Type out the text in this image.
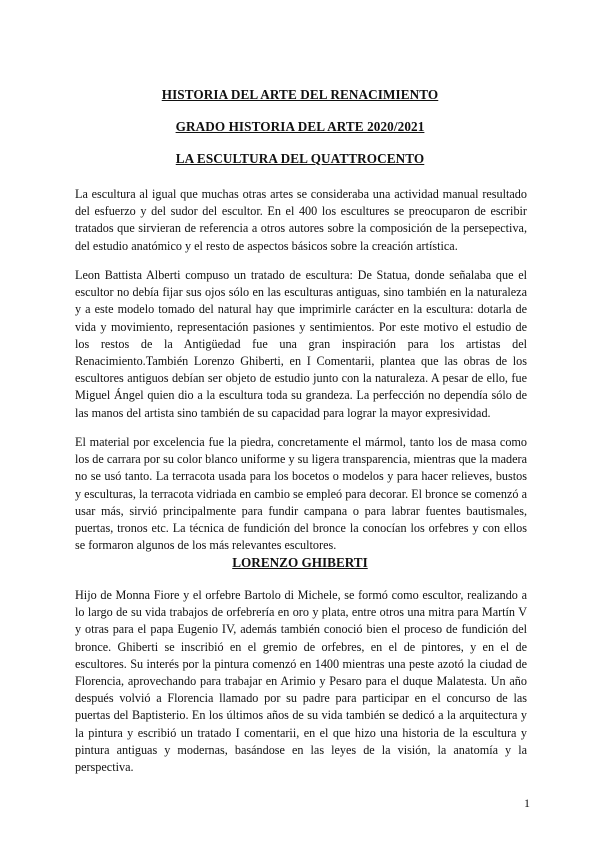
HISTORIA DEL ARTE DEL RENACIMIENTO
GRADO HISTORIA DEL ARTE 2020/2021
LA ESCULTURA DEL QUATTROCENTO

La escultura al igual que muchas otras artes se consideraba una actividad manual resultado del esfuerzo y del sudor del escultor. En el 400 los escultures se preocuparon de escribir tratados que sirvieran de referencia a otros autores sobre la composición de la persepectiva, del estudio anatómico y el resto de aspectos básicos sobre la creación artística.

Leon Battista Alberti compuso un tratado de escultura: De Statua, donde señalaba que el escultor no debía fijar sus ojos sólo en las esculturas antiguas, sino también en la naturaleza y a este modelo tomado del natural hay que imprimirle carácter en la escultura: dotarla de vida y movimiento, representación pasiones y sentimientos. Por este motivo el estudio de los restos de la Antigüedad fue una gran inspiración para los artistas del Renacimiento.También Lorenzo Ghiberti, en I Comentarii, plantea que las obras de los escultores antiguos debían ser objeto de estudio junto con la naturaleza. A pesar de ello, fue Miguel Ángel quien dio a la escultura toda su grandeza. La perfección no dependía sólo de las manos del artista sino también de su capacidad para lograr la mayor expresividad.

El material por excelencia fue la piedra, concretamente el mármol, tanto los de masa como los de carrara por su color blanco uniforme y su ligera transparencia, mientras que la madera no se usó tanto. La terracota usada para los bocetos o modelos y para hacer relieves, bustos y esculturas, la terracota vidriada en cambio se empleó para decorar. El bronce se comenzó a usar más, sirvió principalmente para fundir campana o para labrar fuentes bautismales, puertas, tronos etc. La técnica de fundición del bronce la conocían los orfebres y con ellos se formaron algunos de los más relevantes escultores.

LORENZO GHIBERTI

Hijo de Monna Fiore y el orfebre Bartolo di Michele, se formó como escultor, realizando a lo largo de su vida trabajos de orfebrería en oro y plata, entre otros una mitra para Martín V y otras para el papa Eugenio IV, además también conoció bien el proceso de fundición del bronce. Ghiberti se inscribió en el gremio de orfebres, en el de pintores, y en el de escultores. Su interés por la pintura comenzó en 1400 mientras una peste azotó la ciudad de Florencia, aprovechando para trabajar en Arimio y Pesaro para el duque Malatesta. Un año después volvió a Florencia llamado por su padre para participar en el concurso de las puertas del Baptisterio. En los últimos años de su vida también se dedicó a la arquitectura y la pintura y escribió un tratado I comentarii, en el que hizo una historia de la escultura y pintura antiguas y modernas, basándose en las leyes de la visión, la anatomía y la perspectiva.

1
